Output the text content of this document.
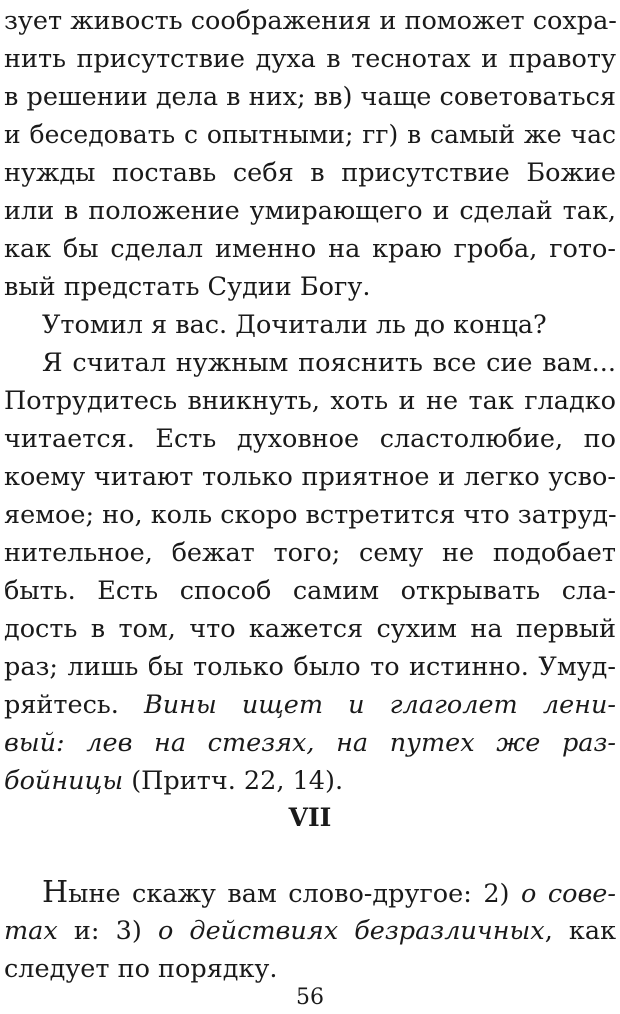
зует живость соображения и поможет сохра-
нить присутствие духа в теснотах и правоту
в решении дела в них; вв) чаще советоваться
и беседовать с опытными; гг) в самый же час
нужды поставь себя в присутствие Божие
или в положение умирающего и сделай так,
как бы сделал именно на краю гроба, гото-
вый предстать Судии Богу.
Утомил я вас. Дочитали ль до конца?
Я считал нужным пояснить все сие вам...
Потрудитесь вникнуть, хоть и не так гладко
читается. Есть духовное сластолюбие, по
коему читают только приятное и легко усво-
яемое; но, коль скоро встретится что затруд-
нительное, бежат того; сему не подобает
быть. Есть способ самим открывать сла-
дость в том, что кажется сухим на первый
раз; лишь бы только было то истинно. Умуд-
ряйтесь. Вины ищет и глаголет лени-
вый: лев на стезях, на путех же раз-
бойницы (Притч. 22, 14).
VII
Ныне скажу вам слово-другое: 2) о сове-
тах и: 3) о действиях безразличных, как
следует по порядку.
56
